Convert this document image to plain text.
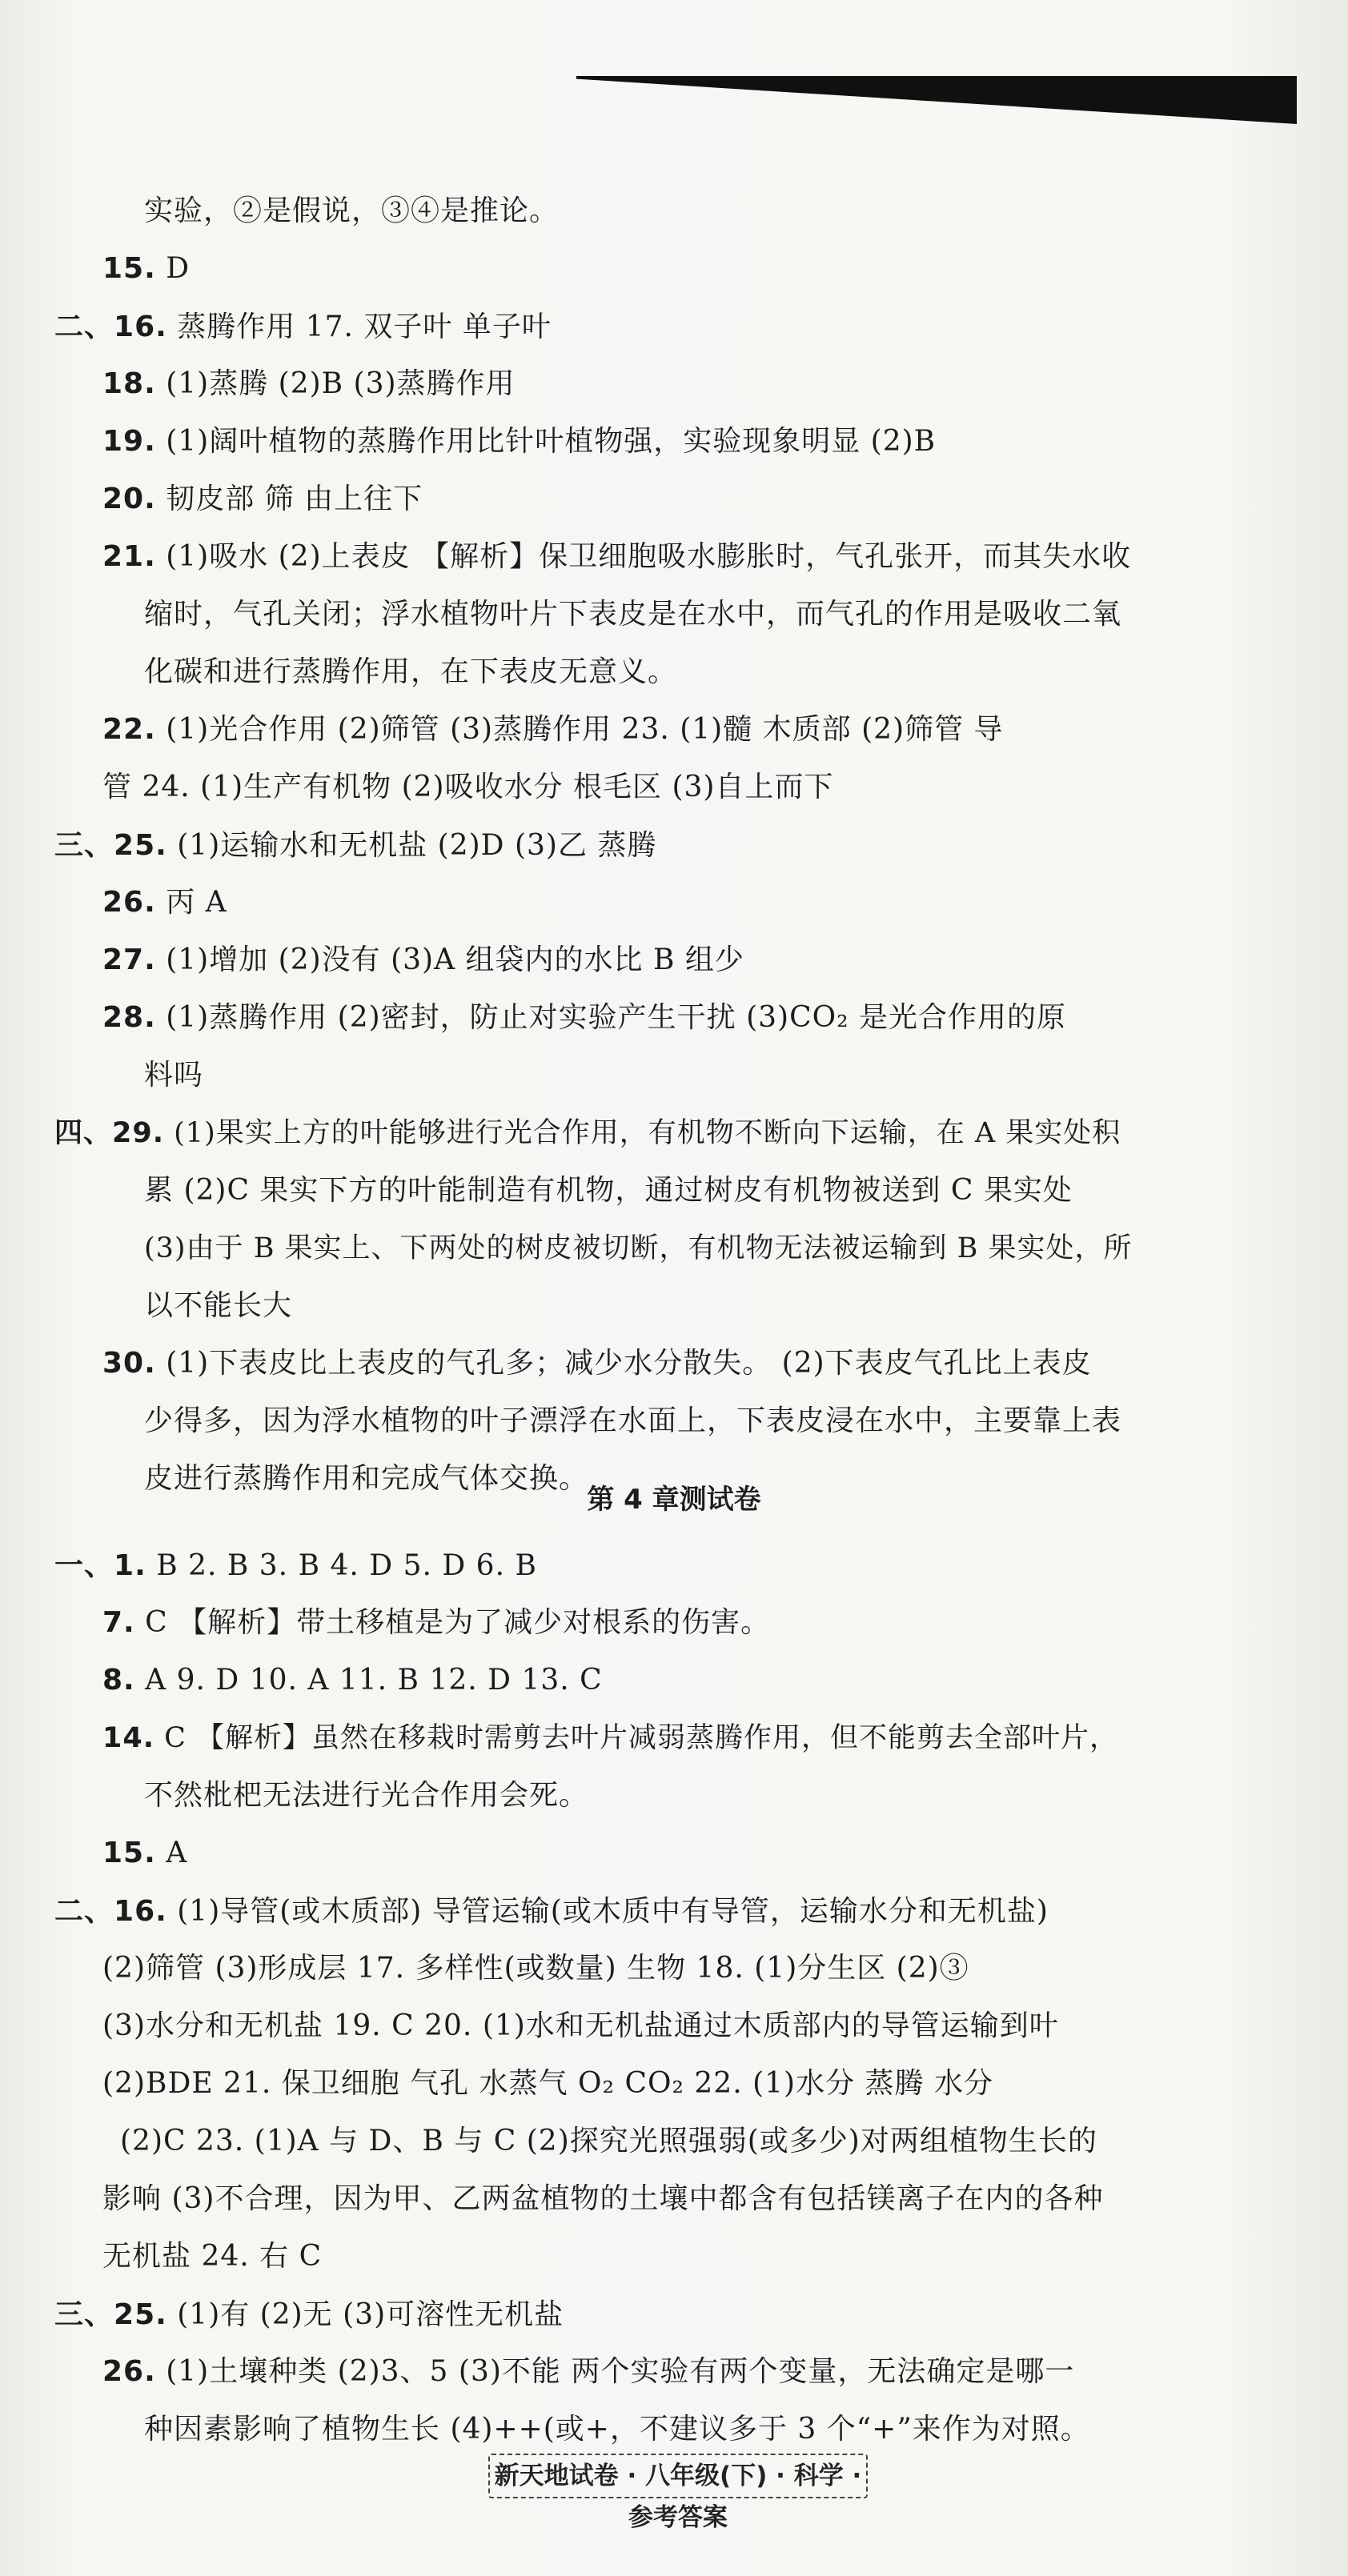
实验，②是假说，③④是推论。
15. D
二、16. 蒸腾作用 17. 双子叶 单子叶
18. (1)蒸腾 (2)B (3)蒸腾作用
19. (1)阔叶植物的蒸腾作用比针叶植物强，实验现象明显 (2)B
20. 韧皮部 筛 由上往下
21. (1)吸水 (2)上表皮 【解析】保卫细胞吸水膨胀时，气孔张开，而其失水收
缩时，气孔关闭；浮水植物叶片下表皮是在水中，而气孔的作用是吸收二氧
化碳和进行蒸腾作用，在下表皮无意义。
22. (1)光合作用 (2)筛管 (3)蒸腾作用 23. (1)髓 木质部 (2)筛管 导
管 24. (1)生产有机物 (2)吸收水分 根毛区 (3)自上而下
三、25. (1)运输水和无机盐 (2)D (3)乙 蒸腾
26. 丙 A
27. (1)增加 (2)没有 (3)A 组袋内的水比 B 组少
28. (1)蒸腾作用 (2)密封，防止对实验产生干扰 (3)CO₂ 是光合作用的原
料吗
四、29. (1)果实上方的叶能够进行光合作用，有机物不断向下运输，在 A 果实处积
累 (2)C 果实下方的叶能制造有机物，通过树皮有机物被送到 C 果实处
(3)由于 B 果实上、下两处的树皮被切断，有机物无法被运输到 B 果实处，所
以不能长大
30. (1)下表皮比上表皮的气孔多；减少水分散失。 (2)下表皮气孔比上表皮
少得多，因为浮水植物的叶子漂浮在水面上，下表皮浸在水中，主要靠上表
皮进行蒸腾作用和完成气体交换。
一、1. B 2. B 3. B 4. D 5. D 6. B
7. C 【解析】带土移植是为了减少对根系的伤害。
8. A 9. D 10. A 11. B 12. D 13. C
14. C 【解析】虽然在移栽时需剪去叶片减弱蒸腾作用，但不能剪去全部叶片，
不然枇杷无法进行光合作用会死。
15. A
二、16. (1)导管(或木质部) 导管运输(或木质中有导管，运输水分和无机盐)
(2)筛管 (3)形成层 17. 多样性(或数量) 生物 18. (1)分生区 (2)③
(3)水分和无机盐 19. C 20. (1)水和无机盐通过木质部内的导管运输到叶
(2)BDE 21. 保卫细胞 气孔 水蒸气 O₂ CO₂ 22. (1)水分 蒸腾 水分
(2)C 23. (1)A 与 D、B 与 C (2)探究光照强弱(或多少)对两组植物生长的
影响 (3)不合理，因为甲、乙两盆植物的土壤中都含有包括镁离子在内的各种
无机盐 24. 右 C
三、25. (1)有 (2)无 (3)可溶性无机盐
26. (1)土壤种类 (2)3、5 (3)不能 两个实验有两个变量，无法确定是哪一
种因素影响了植物生长 (4)++(或+，不建议多于 3 个“+”来作为对照。
第 4 章测试卷
新天地试卷 · 八年级(下) · 科学 · 参考答案
